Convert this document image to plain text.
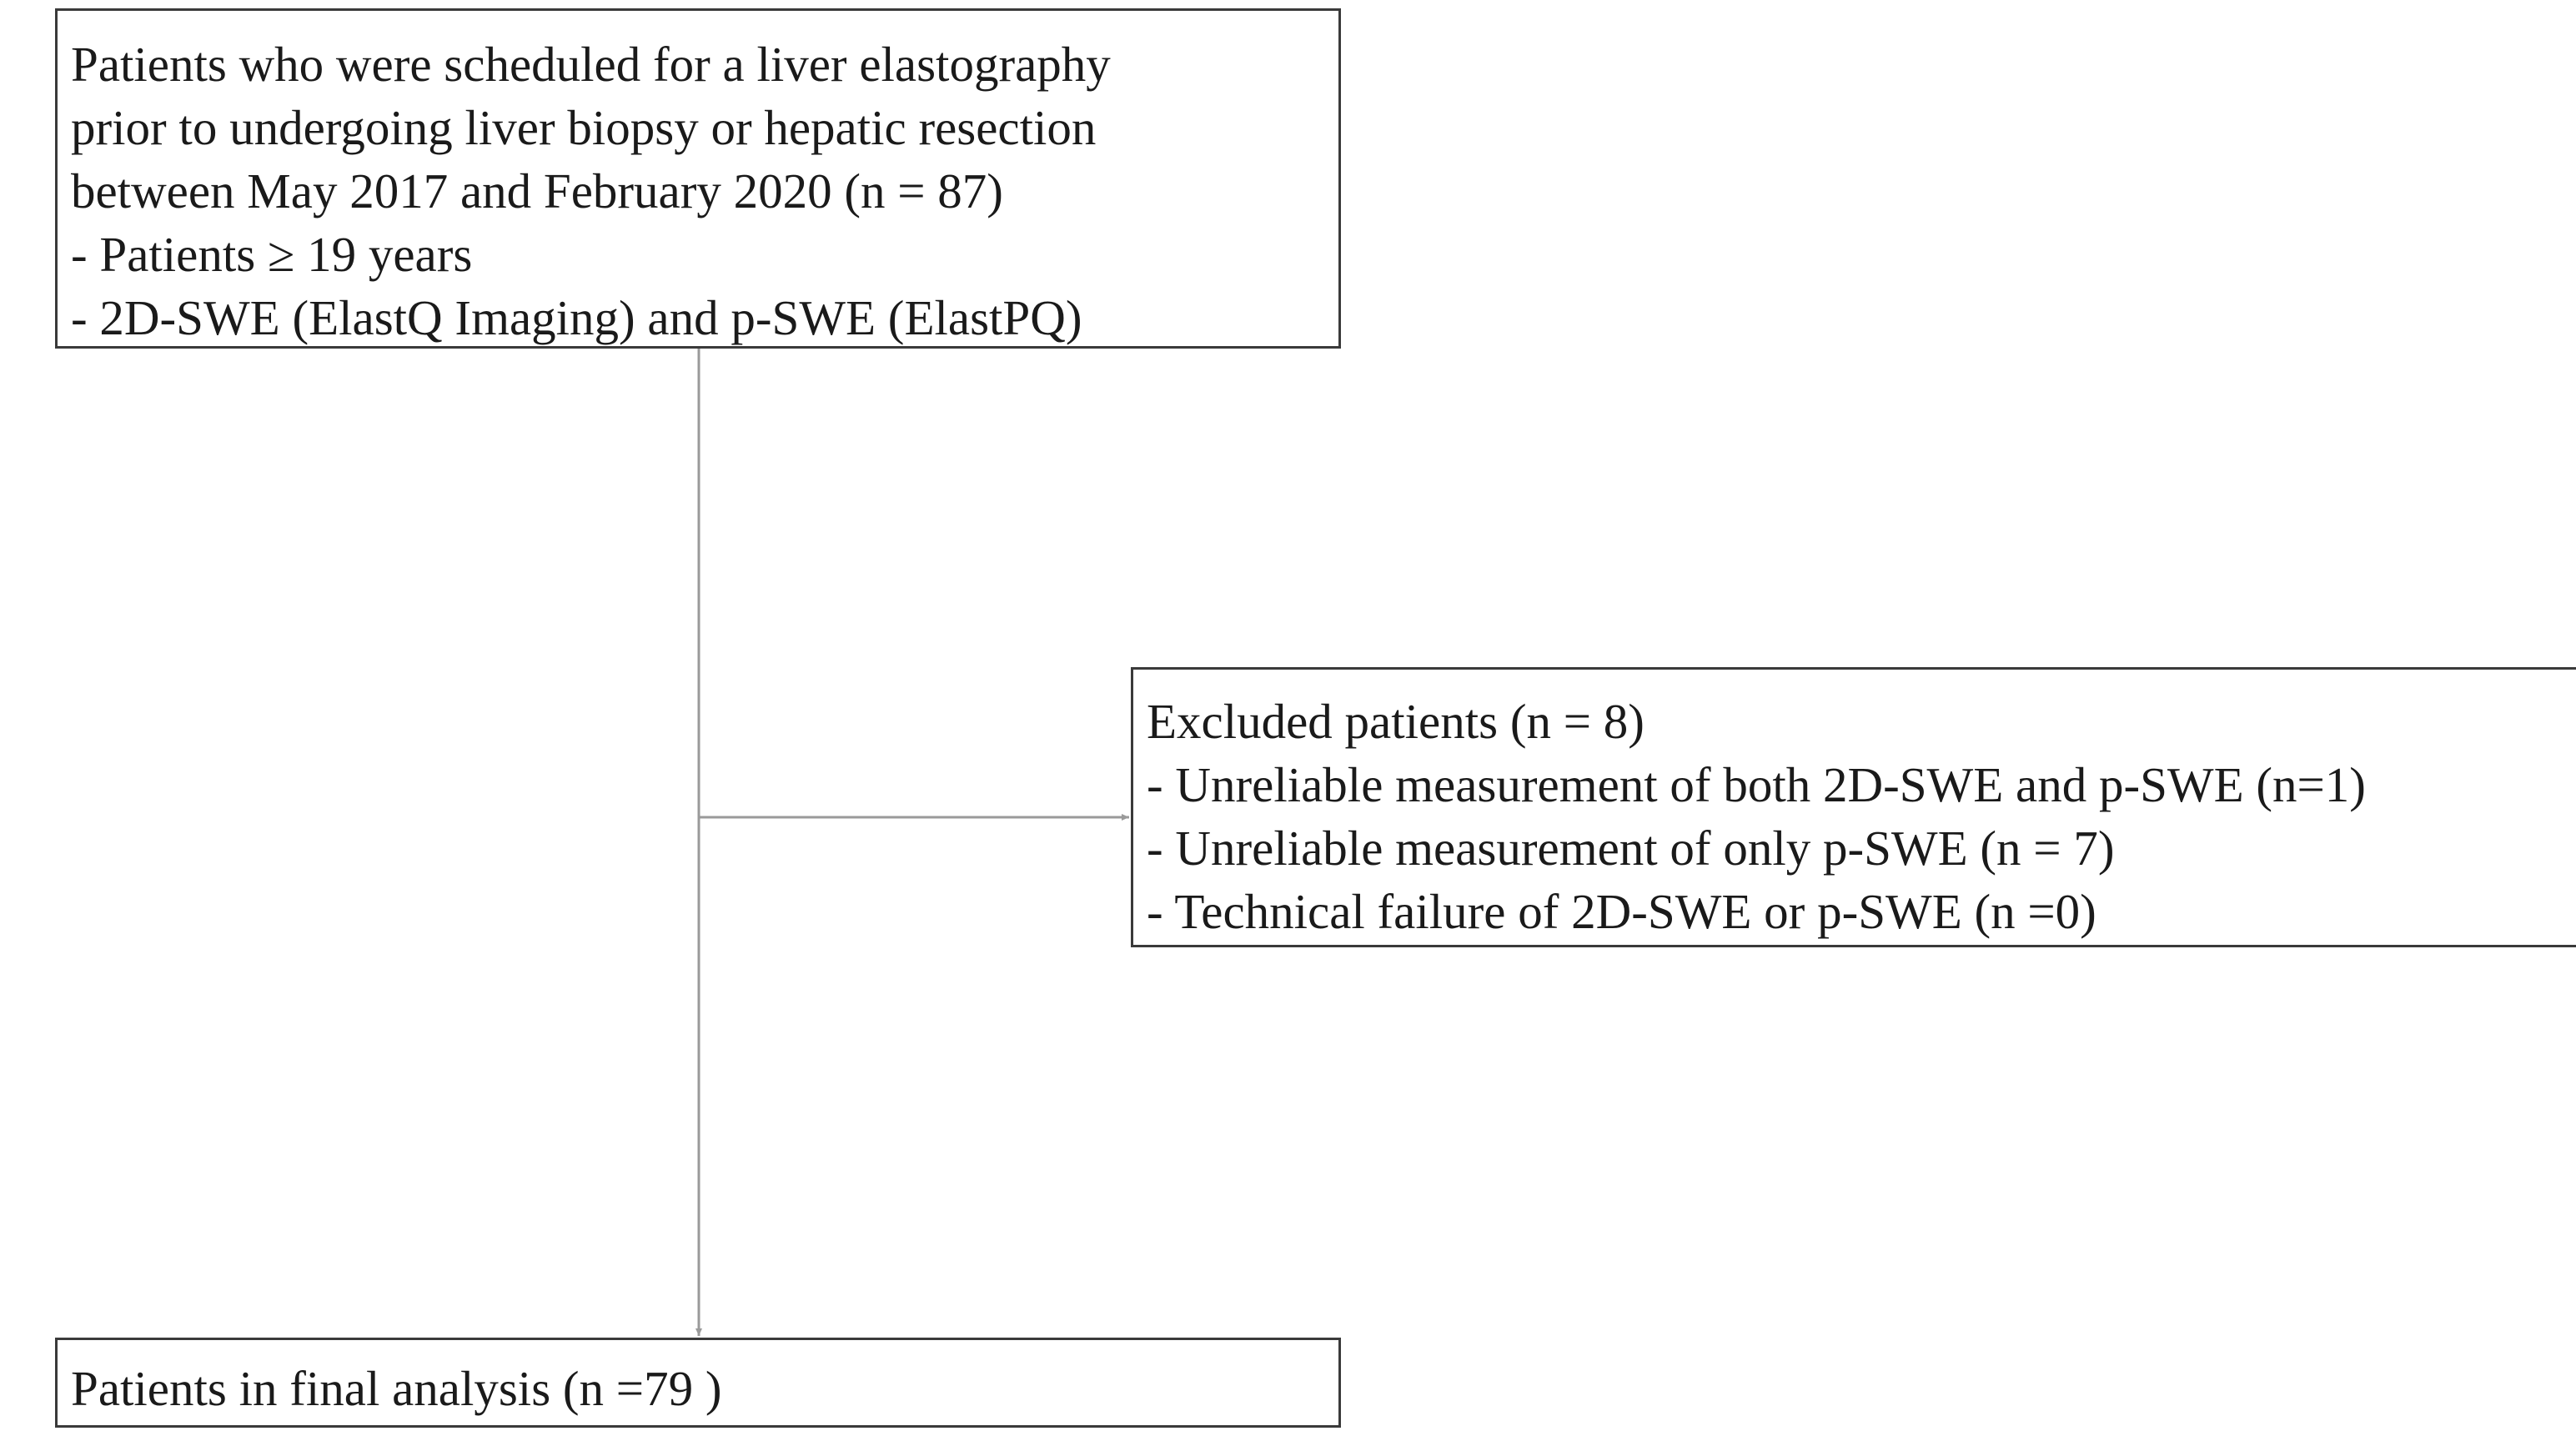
Patients who were scheduled for a liver elastography
prior to undergoing liver biopsy or hepatic resection
between May 2017 and February 2020 (n = 87)
- Patients ≥ 19 years
- 2D-SWE (ElastQ Imaging) and p-SWE (ElastPQ)
Excluded patients (n = 8)
- Unreliable measurement of both 2D-SWE and p-SWE (n=1)
- Unreliable measurement of only p-SWE (n = 7)
- Technical failure of 2D-SWE or p-SWE (n =0)
Patients in final analysis (n =79 )
